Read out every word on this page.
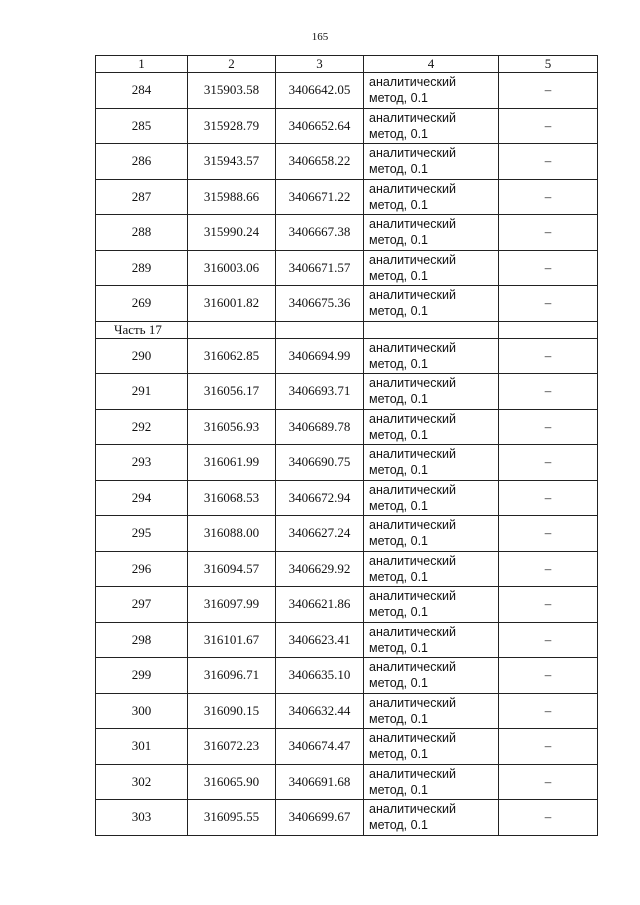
165
1	2	3	4	5
284	315903.58	3406642.05	аналитический
метод, 0.1	–
285	315928.79	3406652.64	аналитический
метод, 0.1	–
286	315943.57	3406658.22	аналитический
метод, 0.1	–
287	315988.66	3406671.22	аналитический
метод, 0.1	–
288	315990.24	3406667.38	аналитический
метод, 0.1	–
289	316003.06	3406671.57	аналитический
метод, 0.1	–
269	316001.82	3406675.36	аналитический
метод, 0.1	–
Часть 17				
290	316062.85	3406694.99	аналитический
метод, 0.1	–
291	316056.17	3406693.71	аналитический
метод, 0.1	–
292	316056.93	3406689.78	аналитический
метод, 0.1	–
293	316061.99	3406690.75	аналитический
метод, 0.1	–
294	316068.53	3406672.94	аналитический
метод, 0.1	–
295	316088.00	3406627.24	аналитический
метод, 0.1	–
296	316094.57	3406629.92	аналитический
метод, 0.1	–
297	316097.99	3406621.86	аналитический
метод, 0.1	–
298	316101.67	3406623.41	аналитический
метод, 0.1	–
299	316096.71	3406635.10	аналитический
метод, 0.1	–
300	316090.15	3406632.44	аналитический
метод, 0.1	–
301	316072.23	3406674.47	аналитический
метод, 0.1	–
302	316065.90	3406691.68	аналитический
метод, 0.1	–
303	316095.55	3406699.67	аналитический
метод, 0.1	–
